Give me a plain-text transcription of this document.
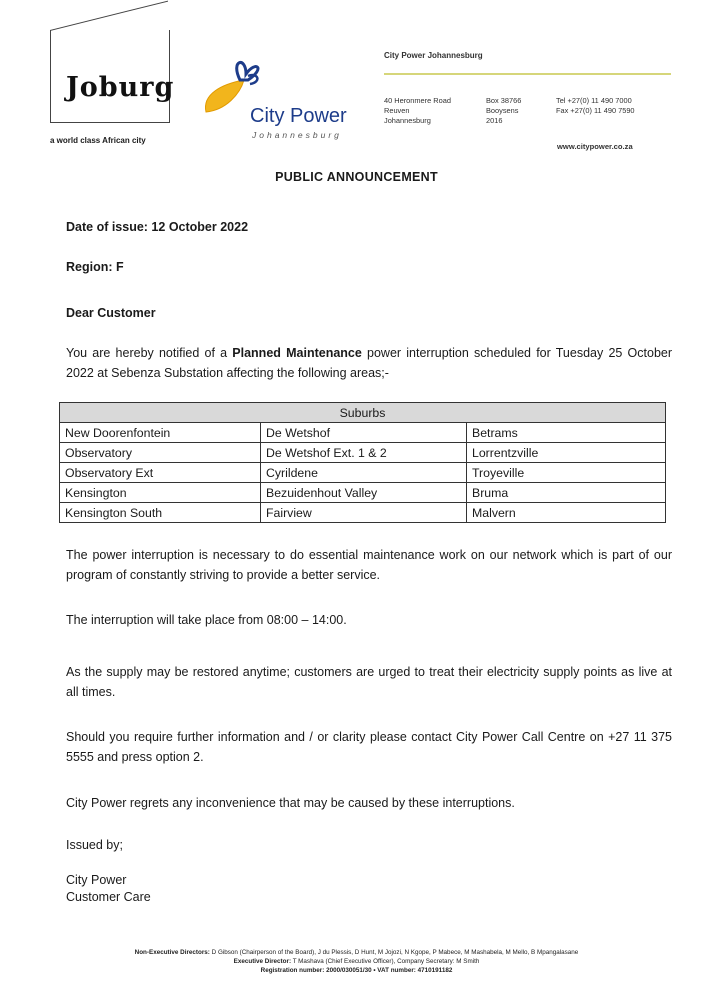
Joburg
a world class African city
City Power
Johannesburg
City Power Johannesburg
40 Heronmere Road
Reuven
Johannesburg
Box 38766
Booysens
2016
Tel +27(0) 11 490 7000
Fax +27(0) 11 490 7590
www.citypower.co.za
PUBLIC ANNOUNCEMENT
Date of issue: 12 October 2022
Region: F
Dear Customer
You are hereby notified of a Planned Maintenance power interruption scheduled for Tuesday 25 October 2022 at Sebenza Substation affecting the following areas;-
Suburbs		
New Doorenfontein	De Wetshof	Betrams
Observatory	De Wetshof Ext. 1 & 2	Lorrentzville
Observatory Ext	Cyrildene	Troyeville
Kensington	Bezuidenhout Valley	Bruma
Kensington South	Fairview	Malvern
The power interruption is necessary to do essential maintenance work on our network which is part of our program of constantly striving to provide a better service.
The interruption will take place from 08:00 – 14:00.
As the supply may be restored anytime; customers are urged to treat their electricity supply points as live at all times.
Should you require further information and / or clarity please contact City Power Call Centre on +27 11 375 5555 and press option 2.
City Power regrets any inconvenience that may be caused by these interruptions.
Issued by;
City Power
Customer Care
Non-Executive Directors: D Gibson (Chairperson of the Board), J du Plessis, D Hunt, M Jojozi, N Kgope, P Mabece, M Mashabela, M Mello, B Mpangalasane
Executive Director: T Mashava (Chief Executive Officer), Company Secretary: M Smith
Registration number: 2000/030051/30 • VAT number: 4710191182
